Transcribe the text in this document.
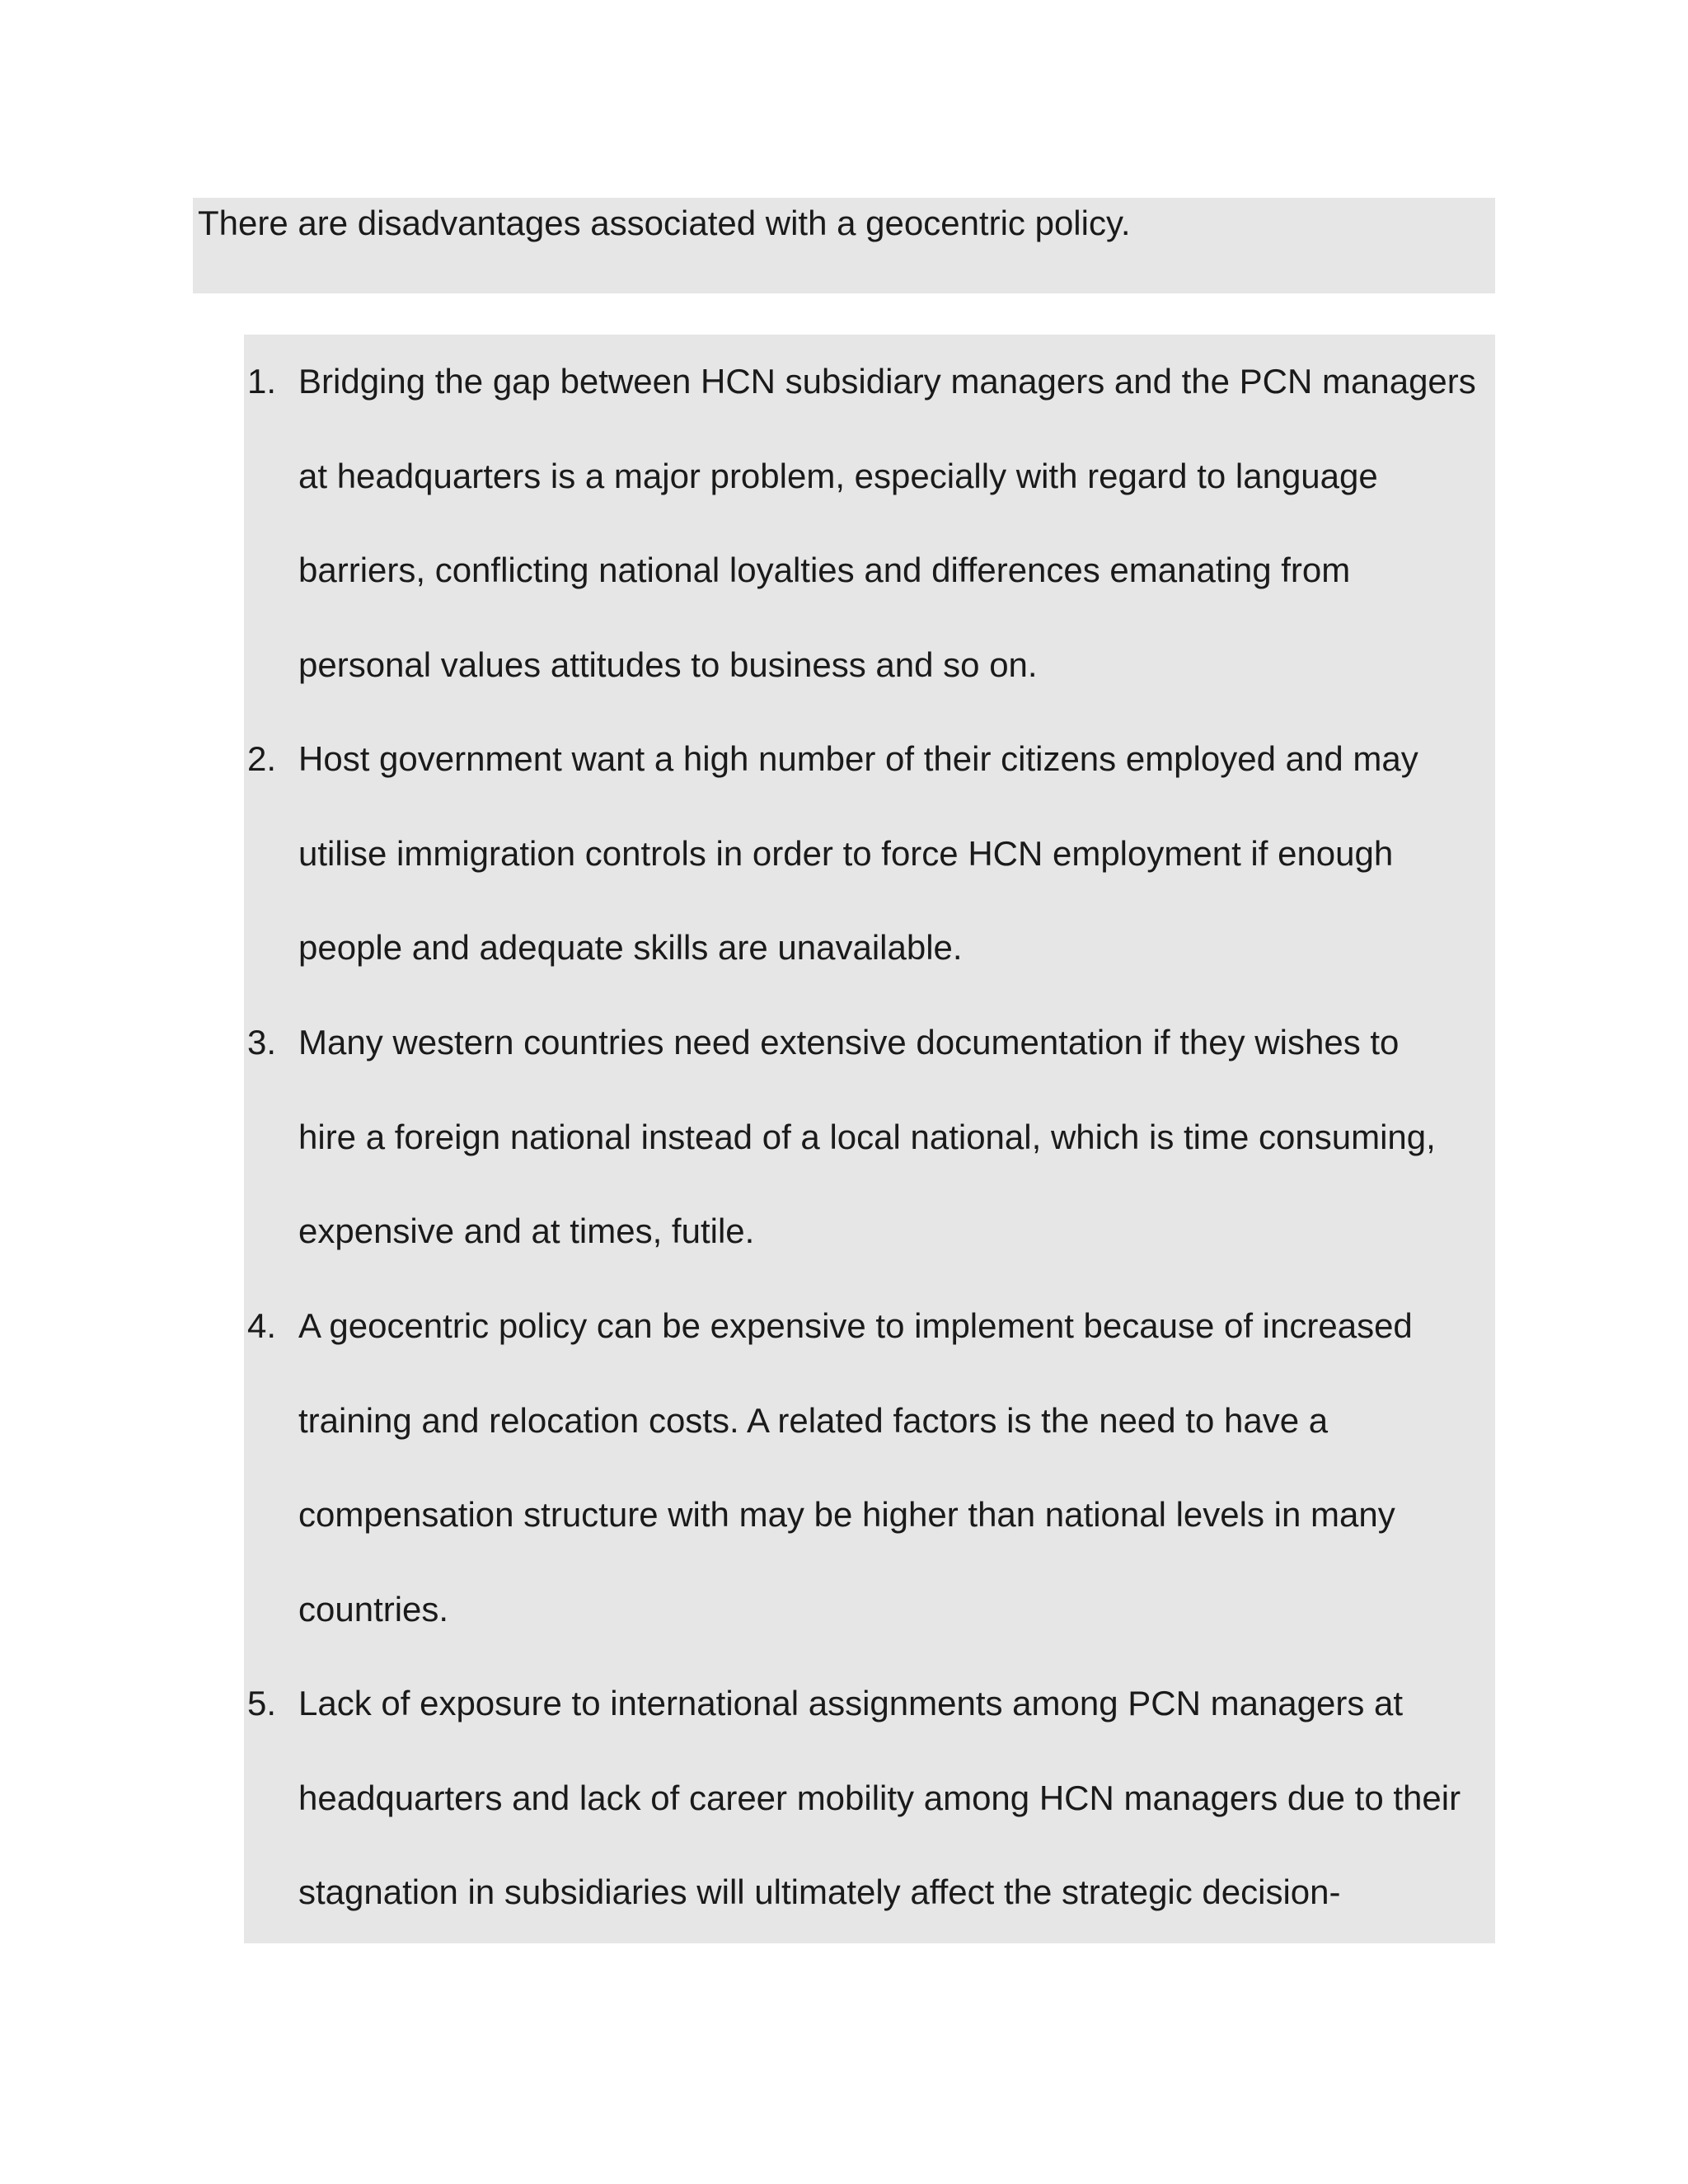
There are disadvantages associated with a geocentric policy.

1. Bridging the gap between HCN subsidiary managers and the PCN managers
at headquarters is a major problem, especially with regard to language
barriers, conflicting national loyalties and differences emanating from
personal values attitudes to business and so on.

2. Host government want a high number of their citizens employed and may
utilise immigration controls in order to force HCN employment if enough
people and adequate skills are unavailable.

3. Many western countries need extensive documentation if they wishes to
hire a foreign national instead of a local national, which is time consuming,
expensive and at times, futile.

4. A geocentric policy can be expensive to implement because of increased
training and relocation costs. A related factors is the need to have a
compensation structure with may be higher than national levels in many
countries.

5. Lack of exposure to international assignments among PCN managers at
headquarters and lack of career mobility among HCN managers due to their
stagnation in subsidiaries will ultimately affect the strategic decision-
